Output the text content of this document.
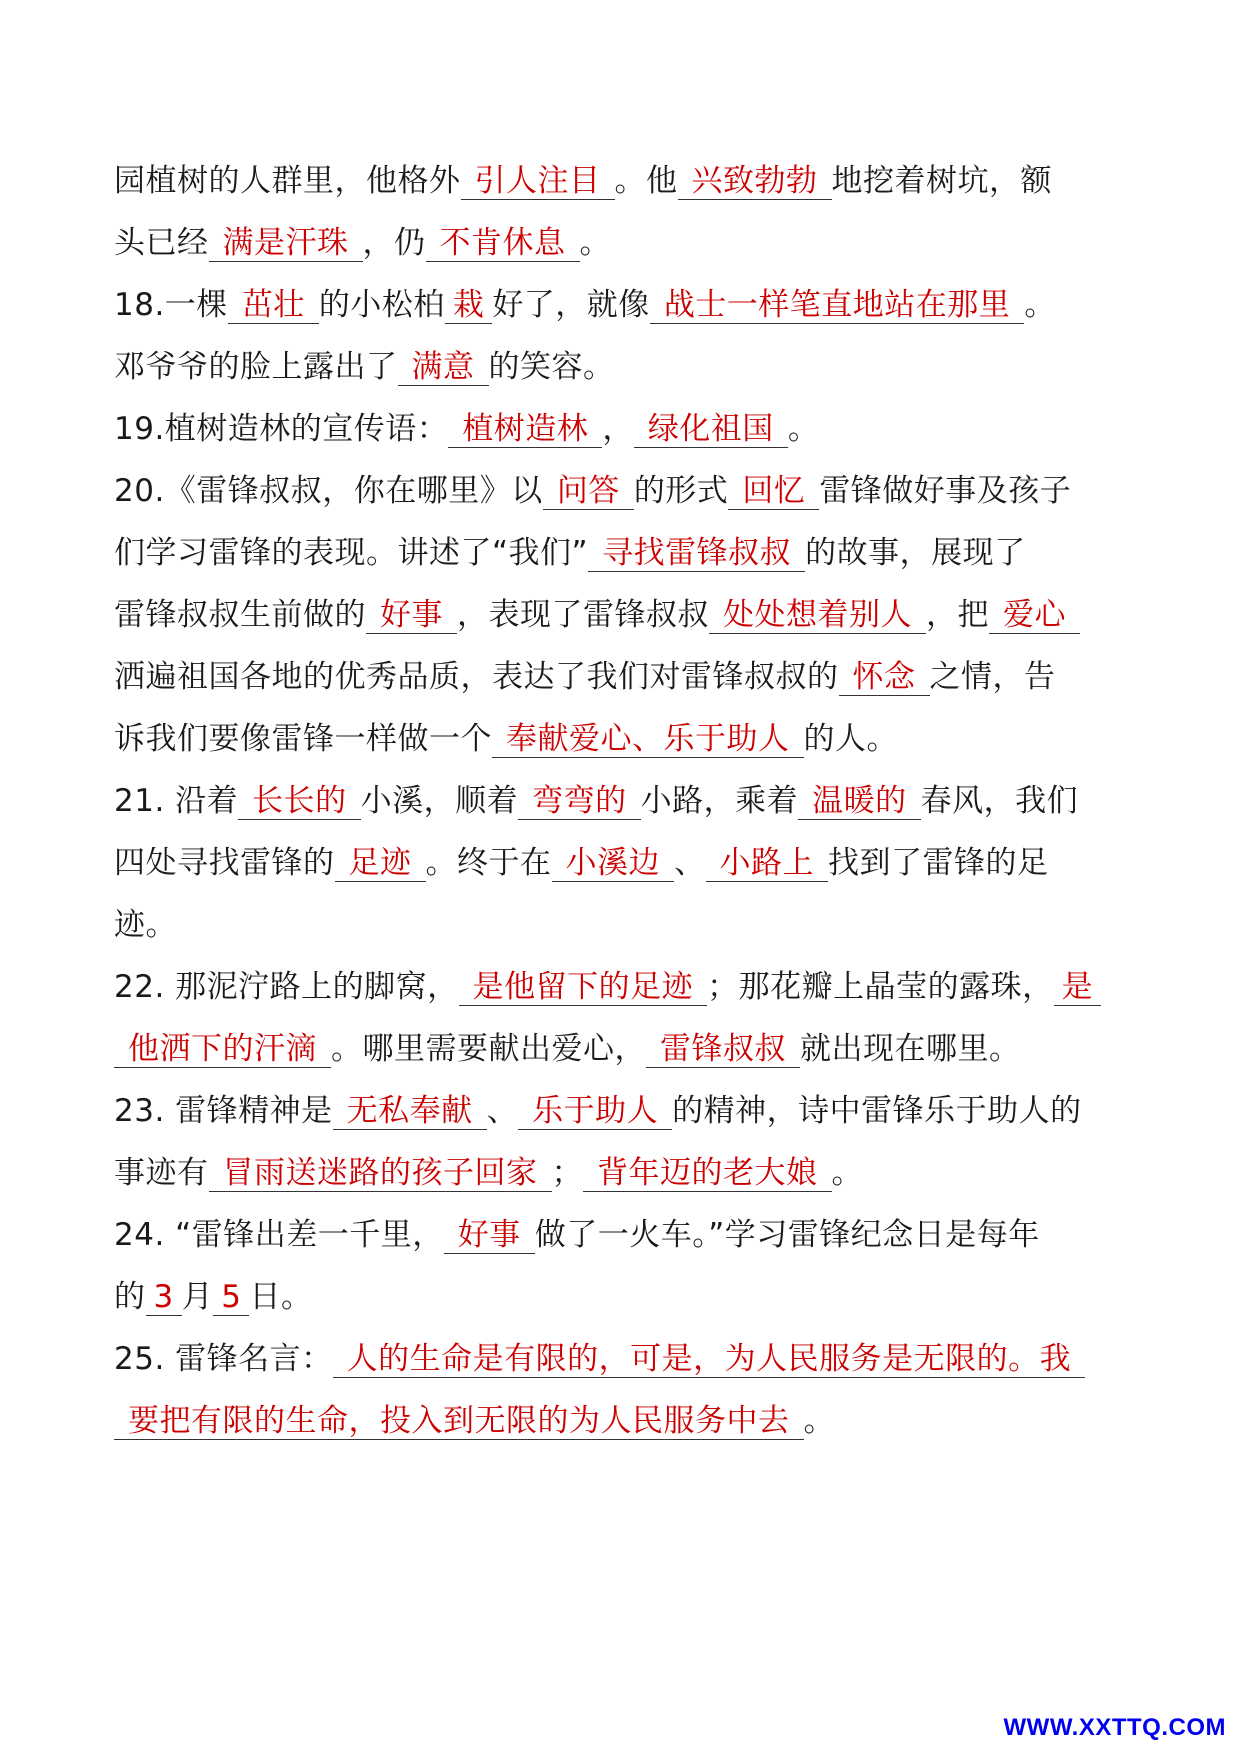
园植树的人群里，他格外 引人注目 。他 兴致勃勃 地挖着树坑，额
头已经 满是汗珠 ，仍 不肯休息 。
18.一棵 茁壮 的小松柏 栽 好了，就像 战士一样笔直地站在那里 。
邓爷爷的脸上露出了 满意 的笑容。
19.植树造林的宣传语： 植树造林 ， 绿化祖国 。
20.《雷锋叔叔，你在哪里》以 问答 的形式 回忆 雷锋做好事及孩子
们学习雷锋的表现。讲述了“我们” 寻找雷锋叔叔 的故事，展现了
雷锋叔叔生前做的 好事 ，表现了雷锋叔叔 处处想着别人 ，把 爱心
洒遍祖国各地的优秀品质，表达了我们对雷锋叔叔的 怀念 之情，告
诉我们要像雷锋一样做一个 奉献爱心、乐于助人 的人。
21. 沿着 长长的 小溪，顺着 弯弯的 小路，乘着 温暖的 春风，我们
四处寻找雷锋的 足迹 。终于在 小溪边 、 小路上 找到了雷锋的足
迹。
22. 那泥泞路上的脚窝， 是他留下的足迹 ；那花瓣上晶莹的露珠， 是
他洒下的汗滴 。哪里需要献出爱心， 雷锋叔叔 就出现在哪里。
23. 雷锋精神是 无私奉献 、 乐于助人 的精神，诗中雷锋乐于助人的
事迹有 冒雨送迷路的孩子回家 ； 背年迈的老大娘 。
24. “雷锋出差一千里， 好事 做了一火车。”学习雷锋纪念日是每年
的 3 月 5 日。
25. 雷锋名言： 人的生命是有限的，可是，为人民服务是无限的。我
要把有限的生命，投入到无限的为人民服务中去 。
WWW.XXTTQ.COM
